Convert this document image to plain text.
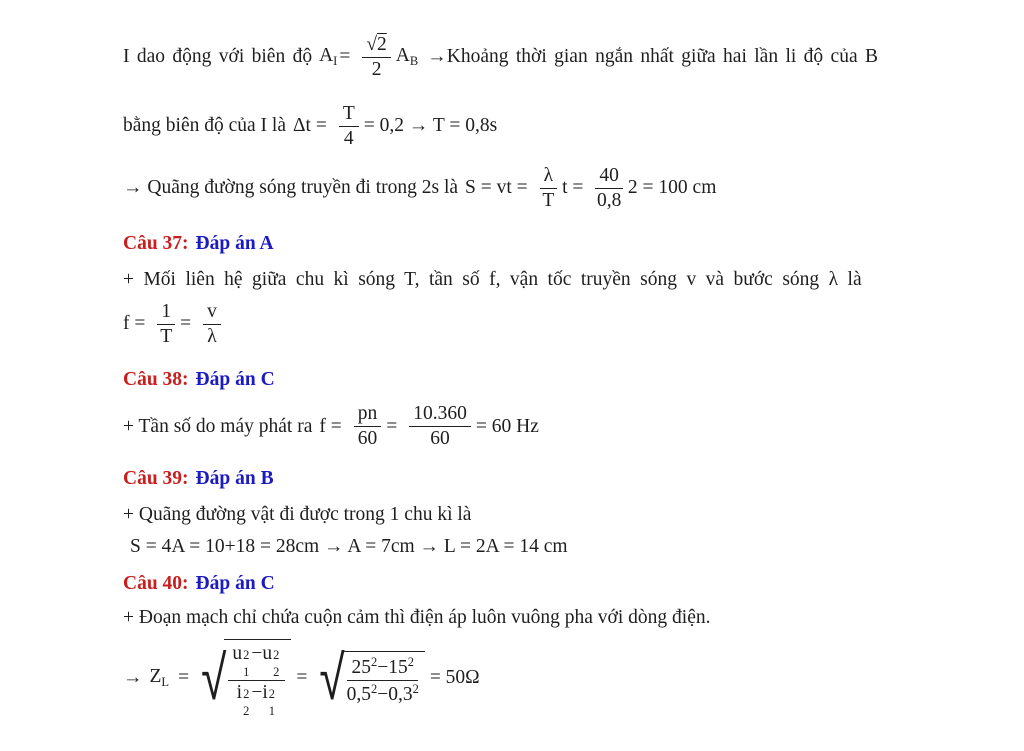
I dao động với biên độ $A_I = \frac{√2}{2} A_B$ →Khoảng thời gian ngắn nhất giữa hai lần li độ của B
bằng biên độ của I là $\Delta t = \frac{T}{4} = 0,2 \to T = 0,8s$
→ Quãng đường sóng truyền đi trong 2s là S = vt = $\frac{\lambda}{T}$ $t = \frac{40}{0,8} 2 = 100$ cm
Câu 37: Đáp án A
+ Mối liên hệ giữa chu kì sóng T, tần số f, vận tốc truyền sóng v và bước sóng λ là
$f = \frac{1}{T} = \frac{v}{\lambda}$
Câu 38: Đáp án C
+ Tần số do máy phát ra $f = \frac{pn}{60} = \frac{10.360}{60} = 60$ Hz
Câu 39: Đáp án B
+ Quãng đường vật đi được trong 1 chu kì là
S = 4A = 10+18 = 28cm → A = 7cm → L = 2A = 14 cm
Câu 40: Đáp án C
+ Đoạn mạch chỉ chứa cuộn cảm thì điện áp luôn vuông pha với dòng điện.
→ $Z_L$ = √ u 2
1
−u 2
2
i 2
2
−i 2
1 = √ $\frac{25^2-15^2}{0,5^2-0,3^2} = 50\Omega$
